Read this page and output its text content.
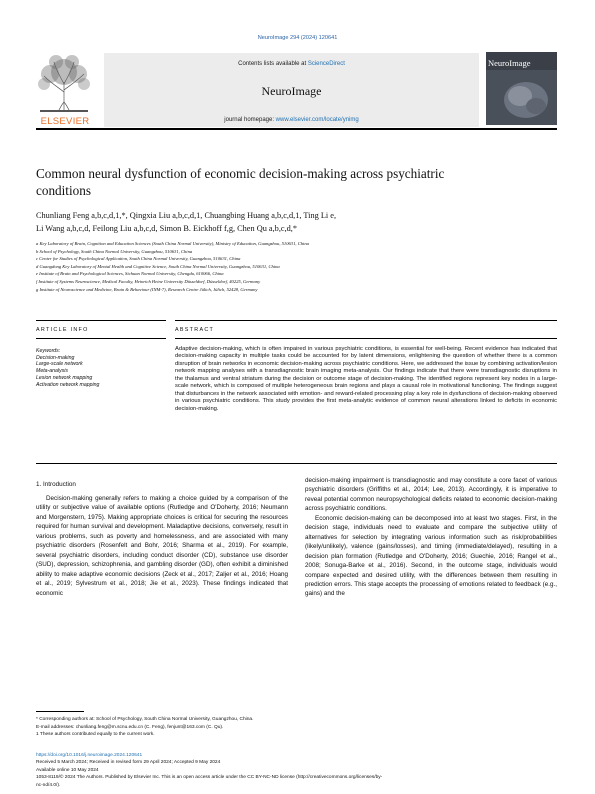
NeuroImage 294 (2024) 120641
ELSEVIER
Contents lists available at ScienceDirect
NeuroImage
journal homepage: www.elsevier.com/locate/ynimg
NeuroImage
Common neural dysfunction of economic decision-making across psychiatric conditions
Chunliang Feng a,b,c,d,1,*, Qingxia Liu a,b,c,d,1, Chuangbing Huang a,b,c,d,1, Ting Li e,
Li Wang a,b,c,d, Feilong Liu a,b,c,d, Simon B. Eickhoff f,g, Chen Qu a,b,c,d,*
a Key Laboratory of Brain, Cognition and Education Sciences (South China Normal University), Ministry of Education, Guangzhou, 510631, China
b School of Psychology, South China Normal University, Guangzhou, 510631, China
c Center for Studies of Psychological Application, South China Normal University, Guangzhou, 510631, China
d Guangdong Key Laboratory of Mental Health and Cognitive Science, South China Normal University, Guangzhou, 510631, China
e Institute of Brain and Psychological Sciences, Sichuan Normal University, Chengdu, 610066, China
f Institute of Systems Neuroscience, Medical Faculty, Heinrich Heine University Düsseldorf, Düsseldorf, 40225, Germany
g Institute of Neuroscience and Medicine, Brain & Behaviour (INM-7), Research Centre Jülich, Jülich, 52428, Germany
ARTICLE INFO
Keywords:
Decision-making
Large-scale network
Meta-analysis
Lesion network mapping
Activation network mapping
ABSTRACT
Adaptive decision-making, which is often impaired in various psychiatric conditions, is essential for well-being. Recent evidence has indicated that decision-making capacity in multiple tasks could be accounted for by latent dimensions, enlightening the question of whether there is a common disruption of brain networks in economic decision-making across psychiatric conditions. Here, we addressed the issue by combining activation/lesion network mapping analyses with a transdiagnostic brain imaging meta-analysis. Our findings indicate that there were transdiagnostic disruptions in the thalamus and ventral striatum during the decision or outcome stage of decision-making. The identified regions represent key nodes in a large-scale network, which is composed of multiple heterogeneous brain regions and plays a causal role in motivational functioning. The findings suggest that disturbances in the network associated with emotion- and reward-related processing play a key role in dysfunctions of decision-making observed in various psychiatric conditions. This study provides the first meta-analytic evidence of common neural alterations linked to deficits in economic decision-making.
1. Introduction

Decision-making generally refers to making a choice guided by a comparison of the utility or subjective value of available options (Rutledge and O'Doherty, 2016; Neumann and Morgenstern, 1975). Making appropriate choices is critical for securing the resources required for human survival and development. Maladaptive decisions, conversely, result in various problems, such as poverty and homelessness, and are associated with many psychiatric disorders (Rosenfelt and Bohr, 2016; Sharma et al., 2019). For example, several psychiatric disorders, including conduct disorder (CD), substance use disorder (SUD), depression, schizophrenia, and gambling disorder (GD), often exhibit a diminished ability to make adaptive economic decisions (Zeck et al., 2017; Zaljer et al., 2016; Hoang et al., 2019; Sylvestrum et al., 2018; Jie et al., 2023). These findings indicated that economic

decision-making impairment is transdiagnostic and may constitute a core facet of various psychiatric disorders (Griffiths et al., 2014; Lee, 2013). Accordingly, it is imperative to reveal potential common neuropsychological deficits related to economic decision-making across psychiatric conditions.

Economic decision-making can be decomposed into at least two stages. First, in the decision stage, individuals need to evaluate and compare the subjective utility of alternatives for selection by integrating various information such as risk/probabilities (likely/unlikely), valence (gains/losses), and timing (immediate/delayed), resulting in a decision plan formation (Rutledge and O'Doherty, 2016; Guechie, 2016; Rangel et al., 2008; Sonuga-Barke et al., 2016). Second, in the outcome stage, individuals would compare expected and desired utility, with the differences between them resulting in prediction errors. This stage accepts the processing of emotions related to feedback (e.g., gains) and the

* Corresponding authors at: School of Psychology, South China Normal University, Guangzhou, China.
E-mail addresses: chunliang.feng@m.scnu.edu.cn (C. Feng), fenjunt@163.com (C. Qu).
1 These authors contributed equally to the current work.
https://doi.org/10.1016/j.neuroimage.2024.120641
Received 5 March 2024; Received in revised form 29 April 2024; Accepted 9 May 2024
Available online 10 May 2024
1053-8119/© 2024 The Authors. Published by Elsevier Inc. This is an open access article under the CC BY-NC-ND license (http://creativecommons.org/licenses/by-
nc-nd/4.0/).
